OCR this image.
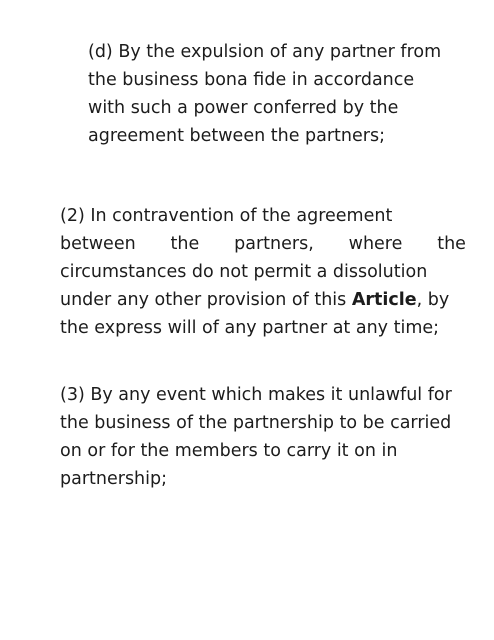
(d) By the expulsion of any partner from
the business bona fide in accordance
with such a power conferred by the
agreement between the partners;
(2) In contravention of the agreement
between the partners, where the
circumstances do not permit a dissolution
under any other provision of this Article, by
the express will of any partner at any time;
(3) By any event which makes it unlawful for
the business of the partnership to be carried
on or for the members to carry it on in
partnership;
